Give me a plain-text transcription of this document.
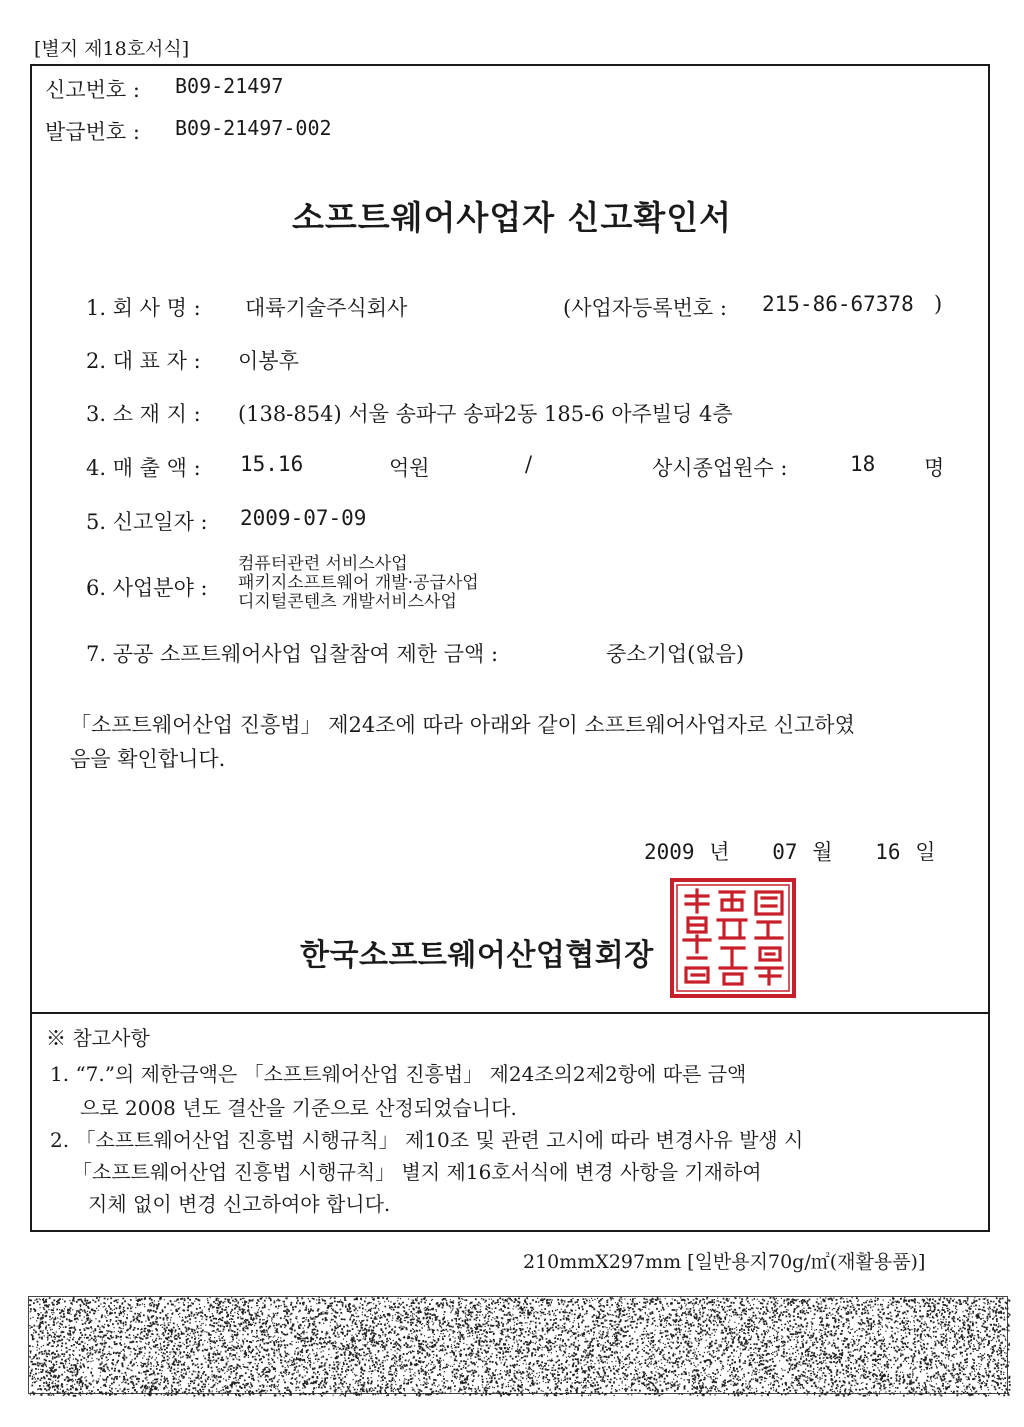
[별지 제18호서식]
신고번호 : B09-21497
발급번호 : B09-21497-002
소프트웨어사업자 신고확인서
1. 회 사 명 : 대륙기술주식회사	(사업자등록번호 : 215-86-67378 )
2. 대 표 자 : 이봉후
3. 소 재 지 : (138-854) 서울 송파구 송파2동 185-6 아주빌딩 4층
4. 매 출 액 : 15.16	억원	/	상시종업원수 :	18 명
5. 신고일자 : 2009-07-09
6. 사업분야 :
컴퓨터관련 서비스사업
패키지소프트웨어 개발·공급사업
디지털콘텐츠 개발서비스사업
7. 공공 소프트웨어사업 입찰참여 제한 금액 :	중소기업(없음)
「소프트웨어산업 진흥법」 제24조에 따라 아래와 같이 소프트웨어사업자로 신고하였
음을 확인합니다.
2009 년 07 월 16 일
한국소프트웨어산업협회장
한국소프트웨어산업협회장
※ 참고사항
1. “7.”의 제한금액은 「소프트웨어산업 진흥법」 제24조의2제2항에 따른 금액
으로 2008 년도 결산을 기준으로 산정되었습니다.
2. 「소프트웨어산업 진흥법 시행규칙」 제10조 및 관련 고시에 따라 변경사유 발생 시
「소프트웨어산업 진흥법 시행규칙」 별지 제16호서식에 변경 사항을 기재하여
지체 없이 변경 신고하여야 합니다.
210mmX297mm [일반용지70g/㎡(재활용품)]
